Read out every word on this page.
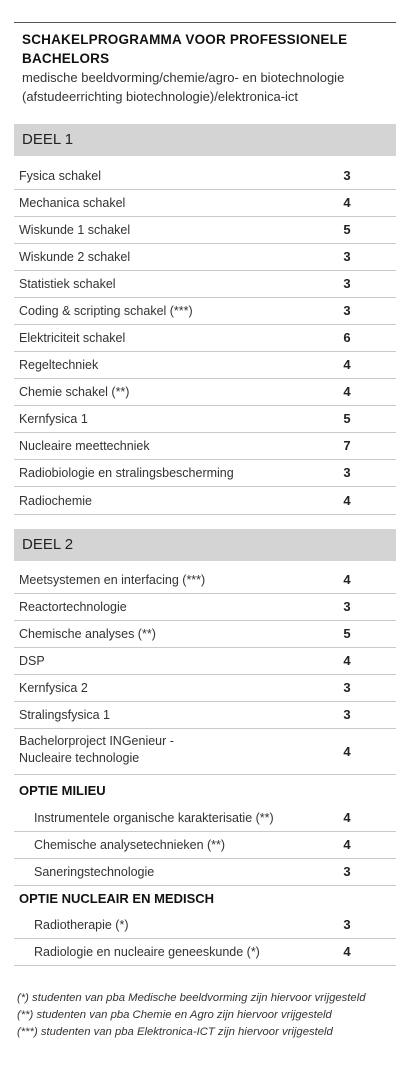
SCHAKELPROGRAMMA VOOR PROFESSIONELE
BACHELORS
medische beeldvorming/chemie/agro- en biotechnologie
(afstudeerrichting biotechnologie)/elektronica-ict
DEEL 1
Fysica schakel	3
Mechanica schakel	4
Wiskunde 1 schakel	5
Wiskunde 2 schakel	3
Statistiek schakel	3
Coding & scripting schakel (***)	3
Elektriciteit schakel	6
Regeltechniek	4
Chemie schakel (**)	4
Kernfysica 1	5
Nucleaire meettechniek	7
Radiobiologie en stralingsbescherming	3
Radiochemie	4
DEEL 2
Meetsystemen en interfacing (***)	4
Reactortechnologie	3
Chemische analyses (**)	5
DSP	4
Kernfysica 2	3
Stralingsfysica 1	3
Bachelorproject INGenieur -
Nucleaire technologie	4
OPTIE MILIEU
Instrumentele organische karakterisatie (**)	4
Chemische analysetechnieken (**)	4
Saneringstechnologie	3
OPTIE NUCLEAIR EN MEDISCH
Radiotherapie (*)	3
Radiologie en nucleaire geneeskunde (*)	4
(*) studenten van pba Medische beeldvorming zijn hiervoor vrijgesteld
(**) studenten van pba Chemie en Agro zijn hiervoor vrijgesteld
(***) studenten van pba Elektronica-ICT zijn hiervoor vrijgesteld
